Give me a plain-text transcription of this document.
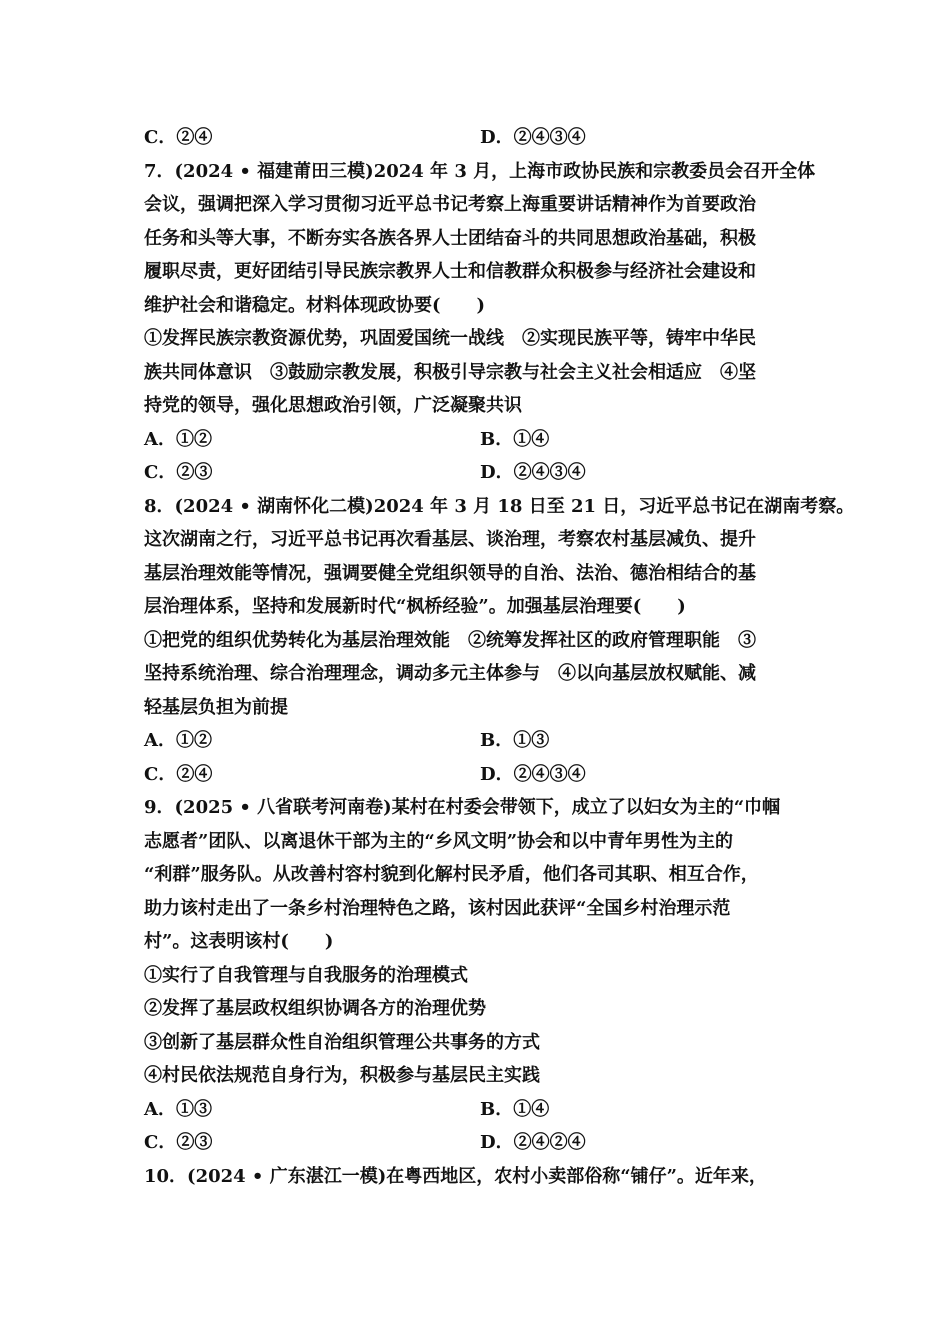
C．②④	D．②④③④
7．(2024 • 福建莆田三模)2024 年 3 月，上海市政协民族和宗教委员会召开全体
会议，强调把深入学习贯彻习近平总书记考察上海重要讲话精神作为首要政治
任务和头等大事，不断夯实各族各界人士团结奋斗的共同思想政治基础，积极
履职尽责，更好团结引导民族宗教界人士和信教群众积极参与经济社会建设和
维护社会和谐稳定。材料体现政协要(　　)
①发挥民族宗教资源优势，巩固爱国统一战线　②实现民族平等，铸牢中华民
族共同体意识　③鼓励宗教发展，积极引导宗教与社会主义社会相适应　④坚
持党的领导，强化思想政治引领，广泛凝聚共识
A．①②	B．①④
C．②③	D．②④③④
8．(2024 • 湖南怀化二模)2024 年 3 月 18 日至 21 日，习近平总书记在湖南考察。
这次湖南之行，习近平总书记再次看基层、谈治理，考察农村基层减负、提升
基层治理效能等情况，强调要健全党组织领导的自治、法治、德治相结合的基
层治理体系，坚持和发展新时代“枫桥经验”。加强基层治理要(　　)
①把党的组织优势转化为基层治理效能　②统筹发挥社区的政府管理职能　③
坚持系统治理、综合治理理念，调动多元主体参与　④以向基层放权赋能、减
轻基层负担为前提
A．①②	B．①③
C．②④	D．②④③④
9．(2025 • 八省联考河南卷)某村在村委会带领下，成立了以妇女为主的“巾帼
志愿者”团队、以离退休干部为主的“乡风文明”协会和以中青年男性为主的
“利群”服务队。从改善村容村貌到化解村民矛盾，他们各司其职、相互合作，
助力该村走出了一条乡村治理特色之路，该村因此获评“全国乡村治理示范
村”。这表明该村(　　)
①实行了自我管理与自我服务的治理模式
②发挥了基层政权组织协调各方的治理优势
③创新了基层群众性自治组织管理公共事务的方式
④村民依法规范自身行为，积极参与基层民主实践
A．①③	B．①④
C．②③	D．②④②④
10．(2024 • 广东湛江一模)在粤西地区，农村小卖部俗称“铺仔”。近年来，
